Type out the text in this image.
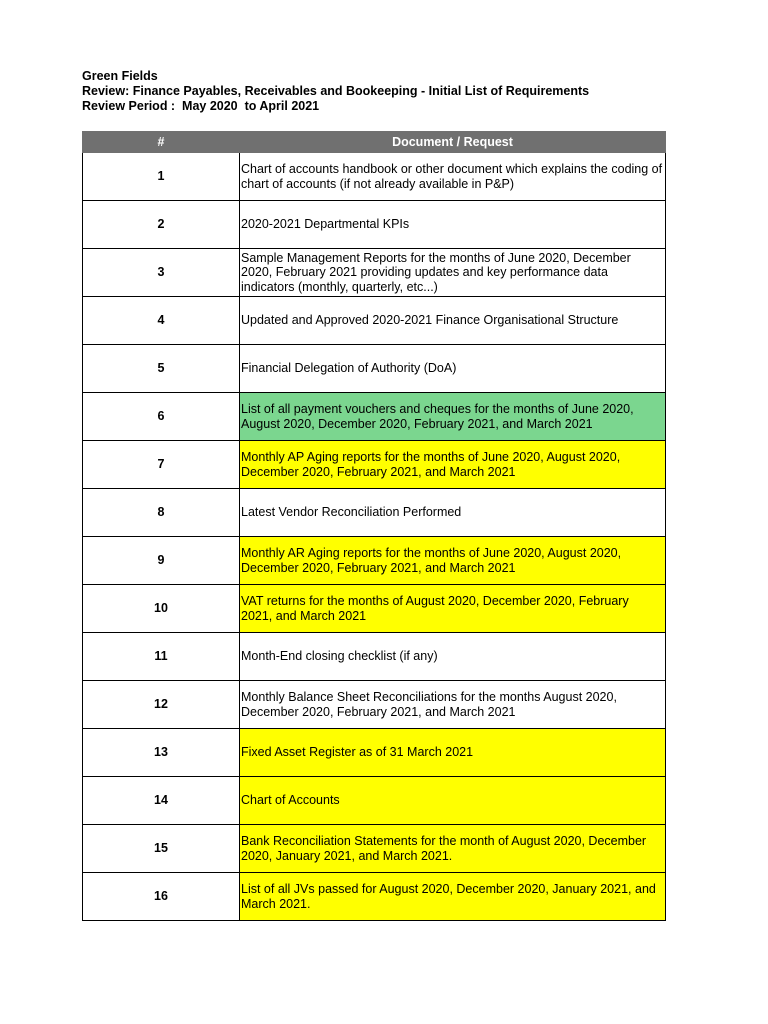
Green Fields
Review: Finance Payables, Receivables and Bookeeping - Initial List of Requirements
Review Period :  May 2020  to April 2021
#	Document / Request
1	Chart of accounts handbook or other document which explains the coding of chart of accounts (if not already available in P&P)
2	2020-2021 Departmental KPIs
3	Sample Management Reports for the months of June 2020, December 2020, February 2021 providing updates and key performance data indicators (monthly, quarterly, etc...)
4	Updated and Approved 2020-2021 Finance Organisational Structure
5	Financial Delegation of Authority (DoA)
6	List of all payment vouchers and cheques for the months of June 2020, August 2020, December 2020, February 2021, and March 2021
7	Monthly AP Aging reports for the months of June 2020, August 2020, December 2020, February 2021, and March 2021
8	Latest Vendor Reconciliation Performed
9	Monthly AR Aging reports for the months of June 2020, August 2020, December 2020, February 2021, and March 2021
10	VAT returns for the months of August 2020, December 2020, February 2021, and March 2021
11	Month-End closing checklist (if any)
12	Monthly Balance Sheet Reconciliations for the months August 2020, December 2020, February 2021, and March 2021
13	Fixed Asset Register as of 31 March 2021
14	Chart of Accounts
15	Bank Reconciliation Statements for the month of August 2020, December 2020, January 2021, and March 2021.
16	List of all JVs passed for August 2020, December 2020, January 2021, and March 2021.
